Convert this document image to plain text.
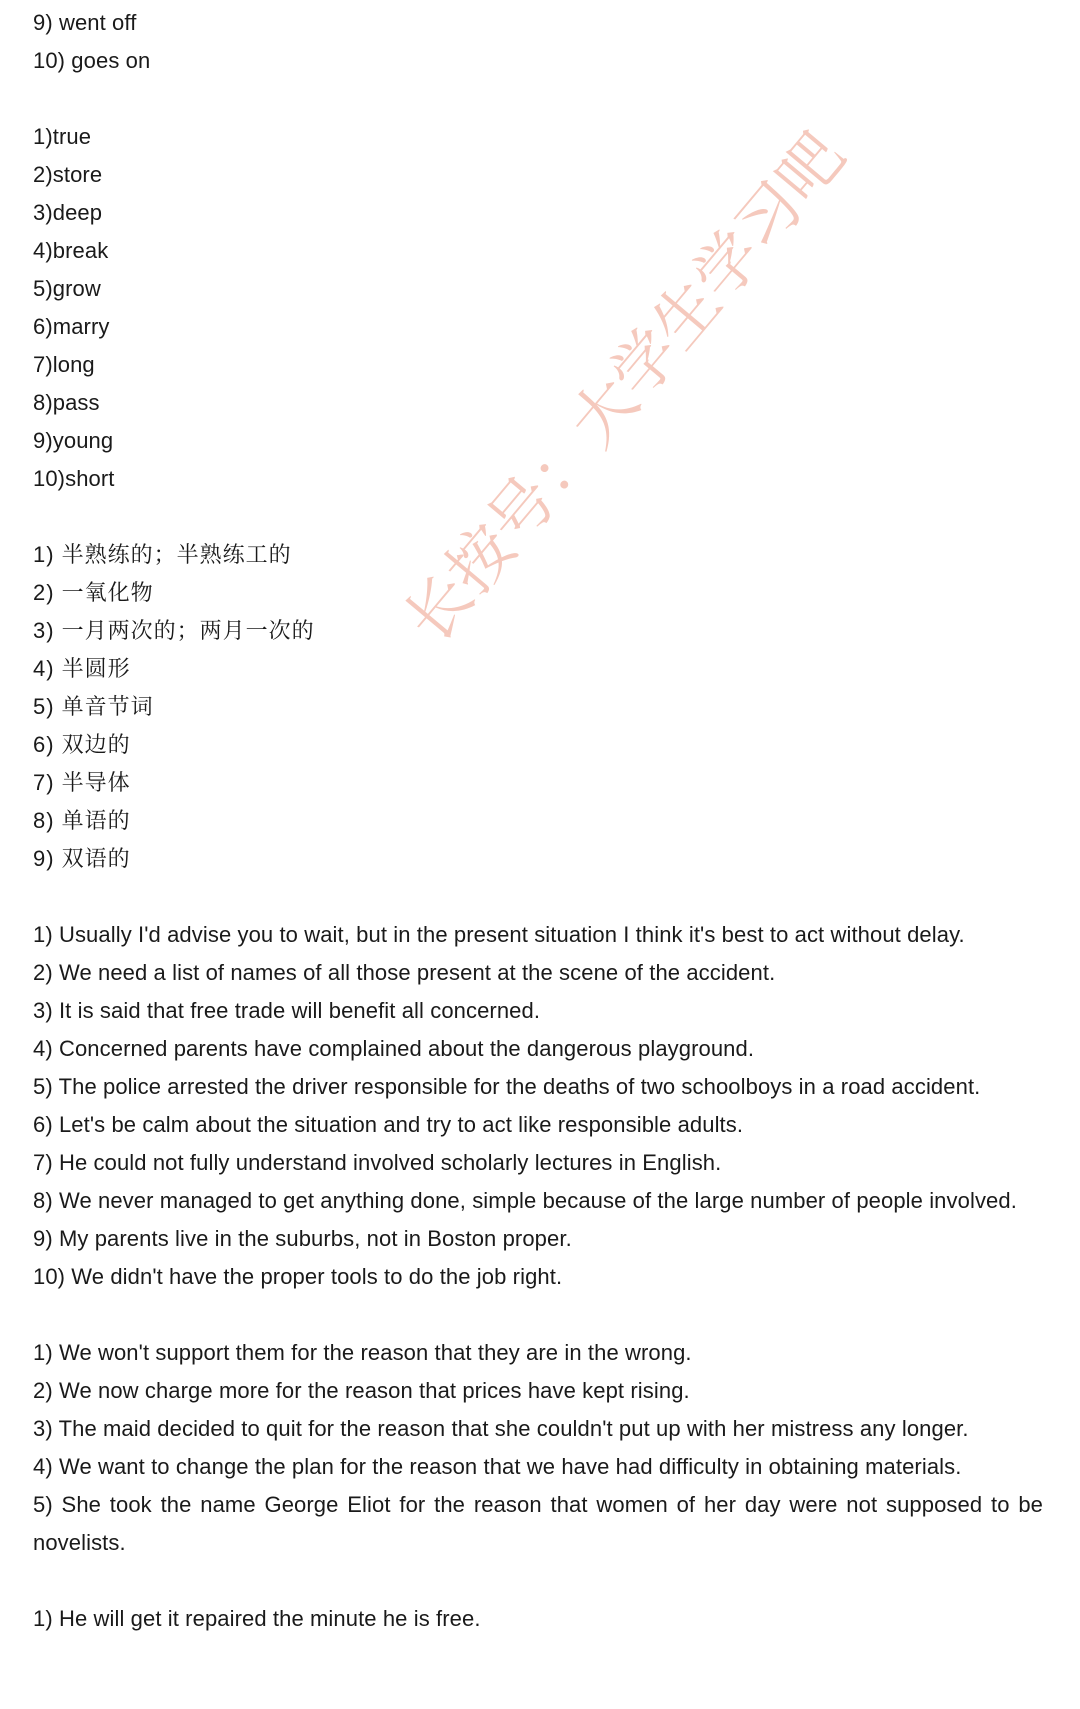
9) went off
10) goes on
1)true
2)store
3)deep
4)break
5)grow
6)marry
7)long
8)pass
9)young
10)short
1) 半熟练的；半熟练工的
2) 一氧化物
3) 一月两次的；两月一次的
4) 半圆形
5) 单音节词
6) 双边的
7) 半导体
8) 单语的
9) 双语的
1) Usually I'd advise you to wait, but in the present situation I think it's best to act without delay.
2) We need a list of names of all those present at the scene of the accident.
3) It is said that free trade will benefit all concerned.
4) Concerned parents have complained about the dangerous playground.
5) The police arrested the driver responsible for the deaths of two schoolboys in a road accident.
6) Let's be calm about the situation and try to act like responsible adults.
7) He could not fully understand involved scholarly lectures in English.
8) We never managed to get anything done, simple because of the large number of people involved.
9) My parents live in the suburbs, not in Boston proper.
10) We didn't have the proper tools to do the job right.
1) We won't support them for the reason that they are in the wrong.
2) We now charge more for the reason that prices have kept rising.
3) The maid decided to quit for the reason that she couldn't put up with her mistress any longer.
4) We want to change the plan for the reason that we have had difficulty in obtaining materials.
5) She took the name George Eliot for the reason that women of her day were not supposed to be novelists.
1) He will get it repaired the minute he is free.
长按号：大学生学习吧
